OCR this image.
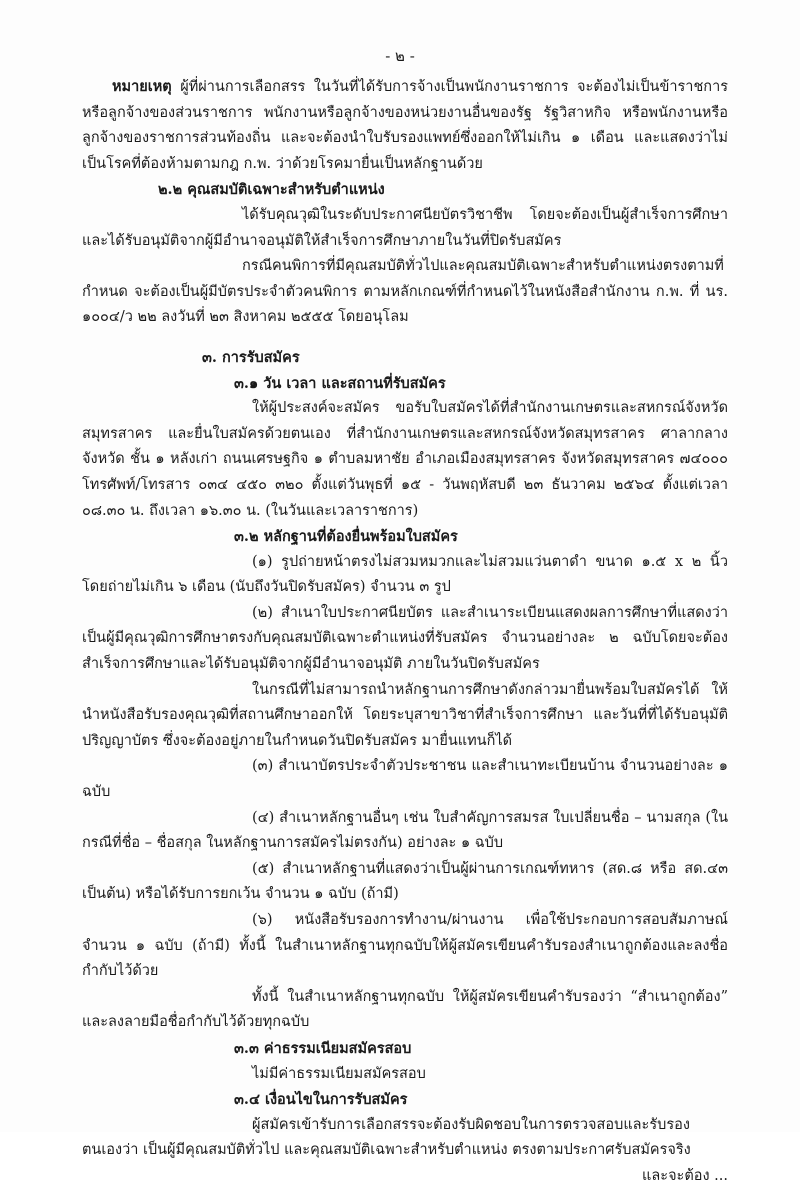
- ๒ -

หมายเหตุ ผู้ที่ผ่านการเลือกสรร ในวันที่ได้รับการจ้างเป็นพนักงานราชการ จะต้องไม่เป็นข้าราชการหรือลูกจ้างของส่วนราชการ พนักงานหรือลูกจ้างของหน่วยงานอื่นของรัฐ รัฐวิสาหกิจ หรือพนักงานหรือลูกจ้างของราชการส่วนท้องถิ่น และจะต้องนำใบรับรองแพทย์ซึ่งออกให้ไม่เกิน ๑ เดือน และแสดงว่าไม่เป็นโรคที่ต้องห้ามตามกฎ ก.พ. ว่าด้วยโรคมายื่นเป็นหลักฐานด้วย

๒.๒ คุณสมบัติเฉพาะสำหรับตำแหน่ง

ได้รับคุณวุฒิในระดับประกาศนียบัตรวิชาชีพ โดยจะต้องเป็นผู้สำเร็จการศึกษาและได้รับอนุมัติจากผู้มีอำนาจอนุมัติให้สำเร็จการศึกษาภายในวันที่ปิดรับสมัคร

กรณีคนพิการที่มีคุณสมบัติทั่วไปและคุณสมบัติเฉพาะสำหรับตำแหน่งตรงตามที่กำหนด จะต้องเป็นผู้มีบัตรประจำตัวคนพิการ ตามหลักเกณฑ์ที่กำหนดไว้ในหนังสือสำนักงาน ก.พ. ที่ นร. ๑๐๐๔/ว ๒๒ ลงวันที่ ๒๓ สิงหาคม ๒๕๕๕ โดยอนุโลม

๓. การรับสมัคร

๓.๑ วัน เวลา และสถานที่รับสมัคร

ให้ผู้ประสงค์จะสมัคร ขอรับใบสมัครได้ที่สำนักงานเกษตรและสหกรณ์จังหวัดสมุทรสาคร และยื่นใบสมัครด้วยตนเอง ที่สำนักงานเกษตรและสหกรณ์จังหวัดสมุทรสาคร ศาลากลางจังหวัด ชั้น ๑ หลังเก่า ถนนเศรษฐกิจ ๑ ตำบลมหาชัย อำเภอเมืองสมุทรสาคร จังหวัดสมุทรสาคร ๗๔๐๐๐ โทรศัพท์/โทรสาร ๐๓๔ ๔๕๐ ๓๒๐ ตั้งแต่วันพุธที่ ๑๕ - วันพฤหัสบดี ๒๓ ธันวาคม ๒๕๖๔ ตั้งแต่เวลา ๐๘.๓๐ น. ถึงเวลา ๑๖.๓๐ น. (ในวันและเวลาราชการ)

๓.๒ หลักฐานที่ต้องยื่นพร้อมใบสมัคร

(๑) รูปถ่ายหน้าตรงไม่สวมหมวกและไม่สวมแว่นตาดำ ขนาด ๑.๕ x ๒ นิ้ว โดยถ่ายไม่เกิน ๖ เดือน (นับถึงวันปิดรับสมัคร) จำนวน ๓ รูป

(๒) สำเนาใบประกาศนียบัตร และสำเนาระเบียนแสดงผลการศึกษาที่แสดงว่า เป็นผู้มีคุณวุฒิการศึกษาตรงกับคุณสมบัติเฉพาะตำแหน่งที่รับสมัคร จำนวนอย่างละ ๒ ฉบับโดยจะต้องสำเร็จการศึกษาและได้รับอนุมัติจากผู้มีอำนาจอนุมัติ ภายในวันปิดรับสมัคร

ในกรณีที่ไม่สามารถนำหลักฐานการศึกษาดังกล่าวมายื่นพร้อมใบสมัครได้ ให้นำหนังสือรับรองคุณวุฒิที่สถานศึกษาออกให้ โดยระบุสาขาวิชาที่สำเร็จการศึกษา และวันที่ที่ได้รับอนุมัติปริญญาบัตร ซึ่งจะต้องอยู่ภายในกำหนดวันปิดรับสมัคร มายื่นแทนก็ได้

(๓) สำเนาบัตรประจำตัวประชาชน และสำเนาทะเบียนบ้าน จำนวนอย่างละ ๑ ฉบับ

(๔) สำเนาหลักฐานอื่นๆ เช่น ใบสำคัญการสมรส ใบเปลี่ยนชื่อ – นามสกุล (ในกรณีที่ชื่อ – ชื่อสกุล ในหลักฐานการสมัครไม่ตรงกัน) อย่างละ ๑ ฉบับ

(๕) สำเนาหลักฐานที่แสดงว่าเป็นผู้ผ่านการเกณฑ์ทหาร (สด.๘ หรือ สด.๔๓ เป็นต้น) หรือได้รับการยกเว้น จำนวน ๑ ฉบับ (ถ้ามี)

(๖) หนังสือรับรองการทำงาน/ผ่านงาน เพื่อใช้ประกอบการสอบสัมภาษณ์ จำนวน ๑ ฉบับ (ถ้ามี) ทั้งนี้ ในสำเนาหลักฐานทุกฉบับให้ผู้สมัครเขียนคำรับรองสำเนาถูกต้องและลงชื่อกำกับไว้ด้วย

ทั้งนี้ ในสำเนาหลักฐานทุกฉบับ ให้ผู้สมัครเขียนคำรับรองว่า “สำเนาถูกต้อง” และลงลายมือชื่อกำกับไว้ด้วยทุกฉบับ

๓.๓ ค่าธรรมเนียมสมัครสอบ

ไม่มีค่าธรรมเนียมสมัครสอบ

๓.๔ เงื่อนไขในการรับสมัคร

ผู้สมัครเข้ารับการเลือกสรรจะต้องรับผิดชอบในการตรวจสอบและรับรองตนเองว่า เป็นผู้มีคุณสมบัติทั่วไป และคุณสมบัติเฉพาะสำหรับตำแหน่ง ตรงตามประกาศรับสมัครจริง

และจะต้อง ...
